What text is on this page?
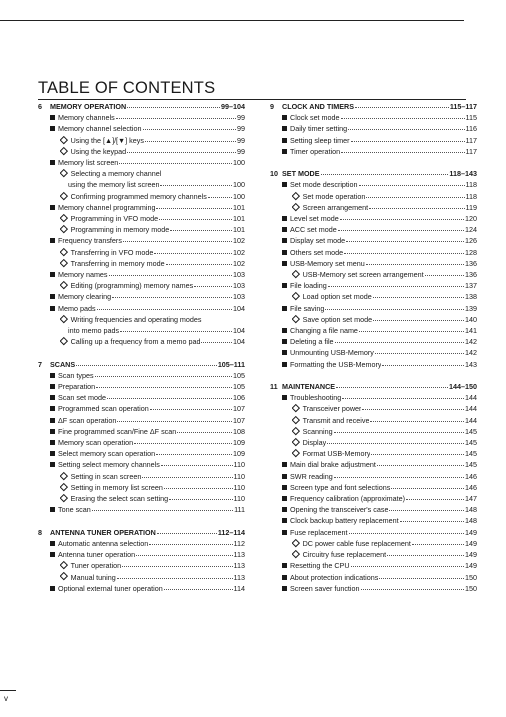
TABLE OF CONTENTS
6 MEMORY OPERATION	99–104
Memory channels	99
Memory channel selection	99
Using the [▲]/[▼] keys	99
Using the keypad	99
Memory list screen	100
Selecting a memory channel
using the memory list screen	100
Confirming programmed memory channels	100
Memory channel programming	101
Programming in VFO mode	101
Programming in memory mode	101
Frequency transfers	102
Transferring in VFO mode	102
Transferring in memory mode	102
Memory names	103
Editing (programming) memory names	103
Memory clearing	103
Memo pads	104
Writing frequencies and operating modes
into memo pads	104
Calling up a frequency from a memo pad	104
7 SCANS	105–111
Scan types	105
Preparation	105
Scan set mode	106
Programmed scan operation	107
ΔF scan operation	107
Fine programmed scan/Fine ΔF scan	108
Memory scan operation	109
Select memory scan operation	109
Setting select memory channels	110
Setting in scan screen	110
Setting in memory list screen	110
Erasing the select scan setting	110
Tone scan	111
8 ANTENNA TUNER OPERATION	112–114
Automatic antenna selection	112
Antenna tuner operation	113
Tuner operation	113
Manual tuning	113
Optional external tuner operation	114
9 CLOCK AND TIMERS	115–117
Clock set mode	115
Daily timer setting	116
Setting sleep timer	117
Timer operation	117
10 SET MODE	118–143
Set mode description	118
Set mode operation	118
Screen arrangement	119
Level set mode	120
ACC set mode	124
Display set mode	126
Others set mode	128
USB-Memory set menu	136
USB-Memory set screen arrangement	136
File loading	137
Load option set mode	138
File saving	139
Save option set mode	140
Changing a file name	141
Deleting a file	142
Unmounting USB-Memory	142
Formatting the USB-Memory	143
11 MAINTENANCE	144–150
Troubleshooting	144
Transceiver power	144
Transmit and receive	144
Scanning	145
Display	145
Format USB-Memory	145
Main dial brake adjustment	145
SWR reading	146
Screen type and font selections	146
Frequency calibration (approximate)	147
Opening the transceiver's case	148
Clock backup battery replacement	148
Fuse replacement	149
DC power cable fuse replacement	149
Circuitry fuse replacement	149
Resetting the CPU	149
About protection indications	150
Screen saver function	150
v
